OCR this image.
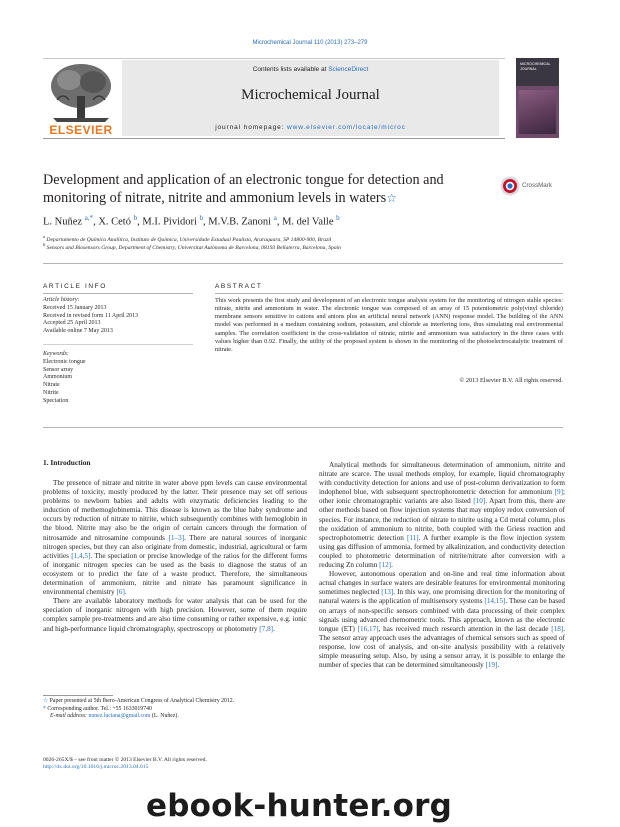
Microchemical Journal 110 (2013) 273–279
ELSEVIER
Contents lists available at ScienceDirect
Microchemical Journal
journal homepage: www.elsevier.com/locate/microc
MICROCHEMICAL JOURNAL
Development and application of an electronic tongue for detection and monitoring of nitrate, nitrite and ammonium levels in waters☆
CrossMark
L. Nuñez $^{a,*}$, X. Cetó $^b$, M.I. Pividori $^b$, M.V.B. Zanoni $^a$, M. del Valle $^b$
$^a$ Departamento de Química Analítica, Instituto de Química, Universidade Estadual Paulista, Araraquara, SP 14800-900, Brazil
$^b$ Sensors and Biosensors Group, Department of Chemistry, Universitat Autònoma de Barcelona, 08193 Bellaterra, Barcelona, Spain
ARTICLE INFO
Article history:
Received 15 January 2013
Received in revised form 11 April 2013
Accepted 25 April 2013
Available online 7 May 2013
Keywords:
Electronic tongue
Sensor array
Ammonium
Nitrate
Nitrite
Speciation
ABSTRACT
This work presents the first study and development of an electronic tongue analysis system for the monitoring of nitrogen stable species: nitrate, nitrite and ammonium in water. The electronic tongue was composed of an array of 15 potentiometric poly(vinyl chloride) membrane sensors sensitive to cations and anions plus an artificial neural network (ANN) response model. The building of the ANN model was performed in a medium containing sodium, potassium, and chloride as interfering ions, thus simulating real environmental samples. The correlation coefficient in the cross-validation of nitrate, nitrite and ammonium was satisfactory in the three cases with values higher than 0.92. Finally, the utility of the proposed system is shown in the monitoring of the photoelectrocatalytic treatment of nitrate.
© 2013 Elsevier B.V. All rights reserved.
1. Introduction

The presence of nitrate and nitrite in water above ppm levels can cause environmental problems of toxicity, mostly produced by the latter. Their presence may set off serious problems to newborn babies and adults with enzymatic deficiencies leading to the induction of methemoglobinemia. This disease is known as the blue baby syndrome and occurs by reduction of nitrate to nitrite, which subsequently combines with hemoglobin in the blood. Nitrite may also be the origin of certain cancers through the formation of nitrosamide and nitrosamine compounds [1–3]. There are natural sources of inorganic nitrogen species, but they can also originate from domestic, industrial, agricultural or farm activities [1,4,5]. The speciation or precise knowledge of the ratios for the different forms of inorganic nitrogen species can be used as the basis to diagnose the status of an ecosystem or to predict the fate of a waste product. Therefore, the simultaneous determination of ammonium, nitrite and nitrate has paramount significance in environmental chemistry [6].

There are available laboratory methods for water analysis that can be used for the speciation of inorganic nitrogen with high precision. However, some of them require complex sample pre-treatments and are also time consuming or rather expensive, e.g. ionic and high-performance liquid chromatography, spectroscopy or photometry [7,8].

Analytical methods for simultaneous determination of ammonium, nitrite and nitrate are scarce. The usual methods employ, for example, liquid chromatography with conductivity detection for anions and use of post-column derivatization to form indophenol blue, with subsequent spectrophotometric detection for ammonium [9]; other ionic chromatographic variants are also listed [10]. Apart from this, there are other methods based on flow injection systems that may employ redox conversion of species. For instance, the reduction of nitrate to nitrite using a Cd metal column, plus the oxidation of ammonium to nitrite, both coupled with the Griess reaction and spectrophotometric detection [11]. A further example is the flow injection system using gas diffusion of ammonia, formed by alkalinization, and conductivity detection coupled to photometric determination of nitrite/nitrate after conversion with a reducing Zn column [12].

However, autonomous operation and on-line and real time information about actual changes in surface waters are desirable features for environmental monitoring sometimes neglected [13]. In this way, one promising direction for the monitoring of natural waters is the application of multisensory systems [14,15]. These can be based on arrays of non-specific sensors combined with data processing of their complex signals using advanced chemometric tools. This approach, known as the electronic tongue (ET) [16,17], has received much research attention in the last decade [18]. The sensor array approach uses the advantages of chemical sensors such as speed of response, low cost of analysis, and on-site analysis possibility with a relatively simple measuring setup. Also, by using a sensor array, it is possible to enlarge the number of species that can be determined simultaneously [19].

☆ Paper presented at 5th Ibero-American Congress of Analytical Chemistry 2012.
* Corresponding author. Tel.: +55 1633019740
E-mail address: nunez.luciana@gmail.com (L. Nuñez).
0026-265X/$ – see front matter © 2013 Elsevier B.V. All rights reserved.
http://dx.doi.org/10.1016/j.microc.2013.04.015
ebook-hunter.org
